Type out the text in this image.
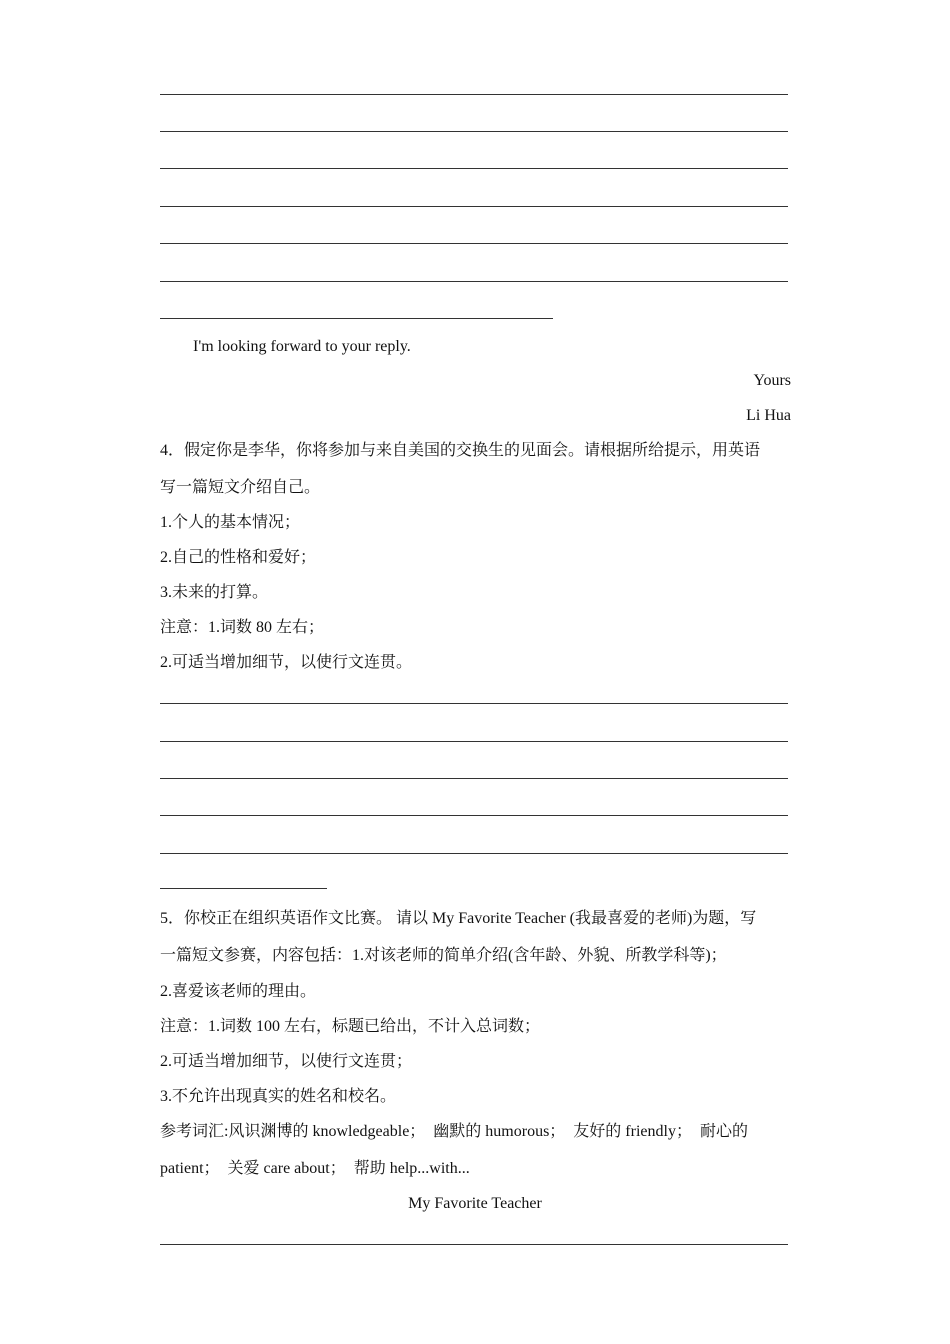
I'm looking forward to your reply.
Yours
Li Hua
4．假定你是李华，你将参加与来自美国的交换生的见面会。请根据所给提示，用英语
写一篇短文介绍自己。
1.个人的基本情况；
2.自己的性格和爱好；
3.未来的打算。
注意：1.词数 80 左右；
2.可适当增加细节，以使行文连贯。
5．你校正在组织英语作文比赛。 请以 My Favorite Teacher (我最喜爱的老师)为题，写
一篇短文参赛，内容包括：1.对该老师的简单介绍(含年龄、外貌、所教学科等)；
2.喜爱该老师的理由。
注意：1.词数 100 左右，标题已给出，不计入总词数；
2.可适当增加细节，以使行文连贯；
3.不允许出现真实的姓名和校名。
参考词汇:风识渊博的 knowledgeable；　幽默的 humorous；　友好的 friendly；　耐心的
patient；　关爱 care about；　帮助 help...with...
My Favorite Teacher
